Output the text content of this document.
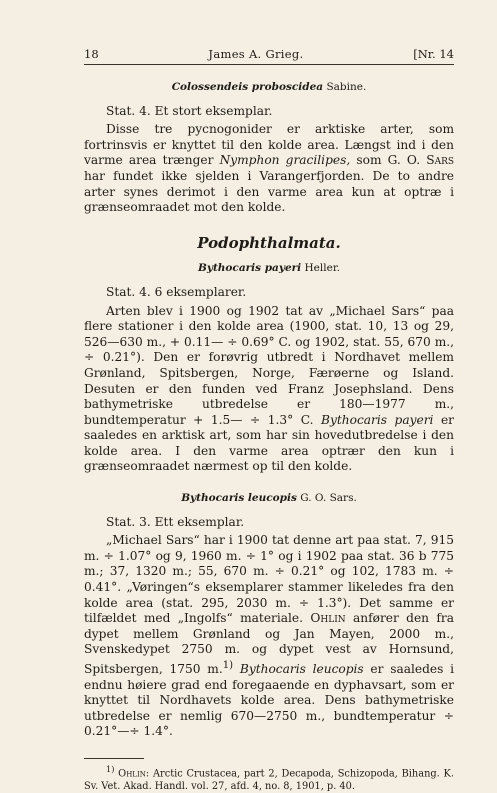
18	James A. Grieg.	[Nr. 14
Colossendeis proboscidea Sabine.

Stat. 4. Et stort eksemplar.

Disse tre pycnogonider er arktiske arter, som fortrinsvis er knyttet til den kolde area. Længst ind i den varme area trænger Nymphon gracilipes, som G. O. Sars har fundet ikke sjelden i Varangerfjorden. De to andre arter synes derimot i den varme area kun at optræ i grænseomraadet mot den kolde.

Podophthalmata.
Bythocaris payeri Heller.

Stat. 4. 6 eksemplarer.

Arten blev i 1900 og 1902 tat av „Michael Sars“ paa flere stationer i den kolde area (1900, stat. 10, 13 og 29, 526—630 m., + 0.11— ÷ 0.69° C. og 1902, stat. 55, 670 m., ÷ 0.21°). Den er forøvrig utbredt i Nordhavet mellem Grønland, Spitsbergen, Norge, Færøerne og Island. Desuten er den funden ved Franz Josephsland. Dens bathymetriske utbredelse er 180—1977 m., bundtemperatur + 1.5— ÷ 1.3° C. Bythocaris payeri er saaledes en arktisk art, som har sin hovedutbredelse i den kolde area. I den varme area optrær den kun i grænseomraadet nærmest op til den kolde.

Bythocaris leucopis G. O. Sars.

Stat. 3. Ett eksemplar.

„Michael Sars“ har i 1900 tat denne art paa stat. 7, 915 m. ÷ 1.07° og 9, 1960 m. ÷ 1° og i 1902 paa stat. 36 b 775 m.; 37, 1320 m.; 55, 670 m. ÷ 0.21° og 102, 1783 m. ÷ 0.41°. „Vøringen“s eksemplarer stammer likeledes fra den kolde area (stat. 295, 2030 m. ÷ 1.3°). Det samme er tilfældet med „Ingolfs“ materiale. Ohlin anfører den fra dypet mellem Grønland og Jan Mayen, 2000 m., Svenskedypet 2750 m. og dypet vest av Hornsund, Spitsbergen, 1750 m.$^{1)}$ Bythocaris leucopis er saaledes i endnu høiere grad end foregaaende en dyphavsart, som er knyttet til Nordhavets kolde area. Dens bathymetriske utbredelse er nemlig 670—2750 m., bundtemperatur ÷ 0.21°—÷ 1.4°.

$^{1)}$ Ohlin: Arctic Crustacea, part 2, Decapoda, Schizopoda, Bihang. K. Sv. Vet. Akad. Handl. vol. 27, afd. 4, no. 8, 1901, p. 40.
